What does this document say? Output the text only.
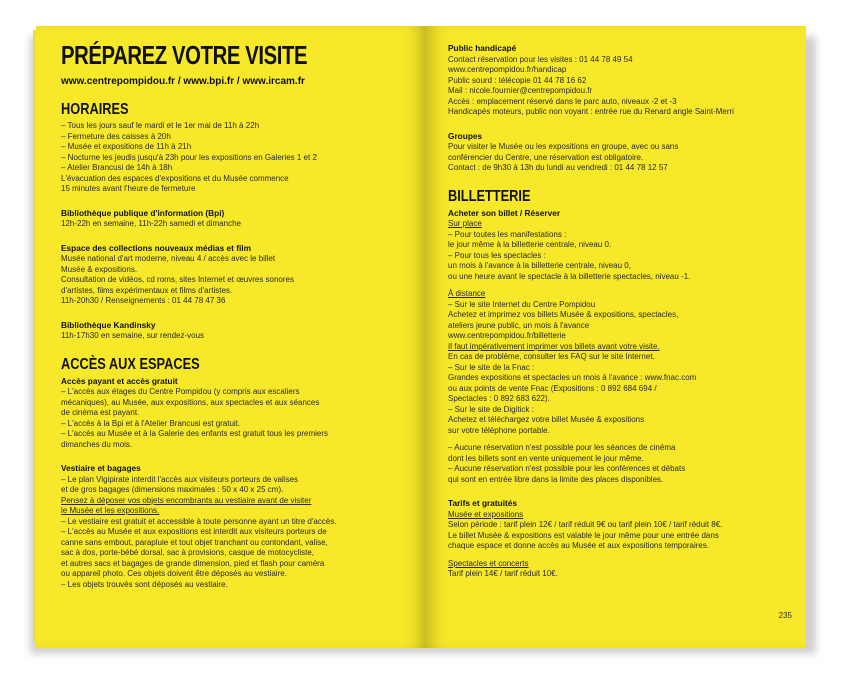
PRÉPAREZ VOTRE VISITE
www.centrepompidou.fr / www.bpi.fr / www.ircam.fr
HORAIRES
– Tous les jours sauf le mardi et le 1er mai de 11h à 22h
– Fermeture des caisses à 20h
– Musée et expositions de 11h à 21h
– Nocturne les jeudis jusqu'à 23h pour les expositions en Galeries 1 et 2
– Atelier Brancusi de 14h à 18h
L'évacuation des espaces d'expositions et du Musée commence
15 minutes avant l'heure de fermeture
Bibliothèque publique d'information (Bpi)
12h-22h en semaine, 11h-22h samedi et dimanche
Espace des collections nouveaux médias et film
Musée national d'art moderne, niveau 4 / accès avec le billet
Musée & expositions.
Consultation de vidéos, cd roms, sites Internet et œuvres sonores
d'artistes, films expérimentaux et films d'artistes.
11h-20h30 / Renseignements : 01 44 78 47 36
Bibliothèque Kandinsky
11h-17h30 en semaine, sur rendez-vous
ACCÈS AUX ESPACES
Accès payant et accès gratuit
– L'accès aux étages du Centre Pompidou (y compris aux escaliers
mécaniques), au Musée, aux expositions, aux spectacles et aux séances
de cinéma est payant.
– L'accès à la Bpi et à l'Atelier Brancusi est gratuit.
– L'accès au Musée et à la Galerie des enfants est gratuit tous les premiers
dimanches du mois.
Vestiaire et bagages
– Le plan Vigipirate interdit l'accès aux visiteurs porteurs de valises
et de gros bagages (dimensions maximales : 50 x 40 x 25 cm).
Pensez à déposer vos objets encombrants au vestiaire avant de visiter
le Musée et les expositions.
– Le vestiaire est gratuit et accessible à toute personne ayant un titre d'accès.
– L'accès au Musée et aux expositions est interdit aux visiteurs porteurs de
canne sans embout, parapluie et tout objet tranchant ou contondant, valise,
sac à dos, porte-bébé dorsal, sac à provisions, casque de motocycliste,
et autres sacs et bagages de grande dimension, pied et flash pour caméra
ou appareil photo. Ces objets doivent être déposés au vestiaire.
– Les objets trouvés sont déposés au vestiaire.
Public handicapé
Contact réservation pour les visites : 01 44 78 49 54
www.centrepompidou.fr/handicap
Public sourd : télécopie 01 44 78 16 62
Mail : nicole.fournier@centrepompidou.fr
Accès : emplacement réservé dans le parc auto, niveaux -2 et -3
Handicapés moteurs, public non voyant : entrée rue du Renard angle Saint-Merri
Groupes
Pour visiter le Musée ou les expositions en groupe, avec ou sans
conférencier du Centre, une réservation est obligatoire.
Contact : de 9h30 à 13h du lundi au vendredi : 01 44 78 12 57
BILLETTERIE
Acheter son billet / Réserver
Sur place
– Pour toutes les manifestations :
le jour même à la billetterie centrale, niveau 0.
– Pour tous les spectacles :
un mois à l'avance à la billetterie centrale, niveau 0,
ou une heure avant le spectacle à la billetterie spectacles, niveau -1.
À distance
– Sur le site Internet du Centre Pompidou
Achetez et imprimez vos billets Musée & expositions, spectacles,
ateliers jeune public, un mois à l'avance
www.centrepompidou.fr/billetterie
Il faut impérativement imprimer vos billets avant votre visite.
En cas de problème, consulter les FAQ sur le site Internet.
– Sur le site de la Fnac :
Grandes expositions et spectacles un mois à l'avance : www.fnac.com
ou aux points de vente Fnac (Expositions : 0 892 684 694 /
Spectacles : 0 892 683 622).
– Sur le site de Digitick :
Achetez et téléchargez votre billet Musée & expositions
sur votre téléphone portable.
– Aucune réservation n'est possible pour les séances de cinéma
dont les billets sont en vente uniquement le jour même.
– Aucune réservation n'est possible pour les conférences et débats
qui sont en entrée libre dans la limite des places disponibles.
Tarifs et gratuités
Musée et expositions
Selon période : tarif plein 12€ / tarif réduit 9€ ou tarif plein 10€ / tarif réduit 8€.
Le billet Musée & expositions est valable le jour même pour une entrée dans
chaque espace et donne accès au Musée et aux expositions temporaires.
Spectacles et concerts
Tarif plein 14€ / tarif réduit 10€.
235
